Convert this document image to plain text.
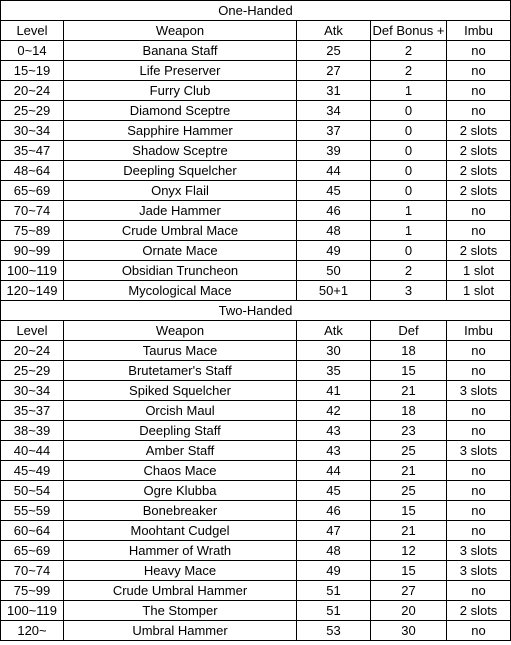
One-Handed				
Level	Weapon	Atk	Def Bonus +	Imbu
0~14	Banana Staff	25	2	no
15~19	Life Preserver	27	2	no
20~24	Furry Club	31	1	no
25~29	Diamond Sceptre	34	0	no
30~34	Sapphire Hammer	37	0	2 slots
35~47	Shadow Sceptre	39	0	2 slots
48~64	Deepling Squelcher	44	0	2 slots
65~69	Onyx Flail	45	0	2 slots
70~74	Jade Hammer	46	1	no
75~89	Crude Umbral Mace	48	1	no
90~99	Ornate Mace	49	0	2 slots
100~119	Obsidian Truncheon	50	2	1 slot
120~149	Mycological Mace	50+1	3	1 slot
Two-Handed				
Level	Weapon	Atk	Def	Imbu
20~24	Taurus Mace	30	18	no
25~29	Brutetamer's Staff	35	15	no
30~34	Spiked Squelcher	41	21	3 slots
35~37	Orcish Maul	42	18	no
38~39	Deepling Staff	43	23	no
40~44	Amber Staff	43	25	3 slots
45~49	Chaos Mace	44	21	no
50~54	Ogre Klubba	45	25	no
55~59	Bonebreaker	46	15	no
60~64	Moohtant Cudgel	47	21	no
65~69	Hammer of Wrath	48	12	3 slots
70~74	Heavy Mace	49	15	3 slots
75~99	Crude Umbral Hammer	51	27	no
100~119	The Stomper	51	20	2 slots
120~	Umbral Hammer	53	30	no
